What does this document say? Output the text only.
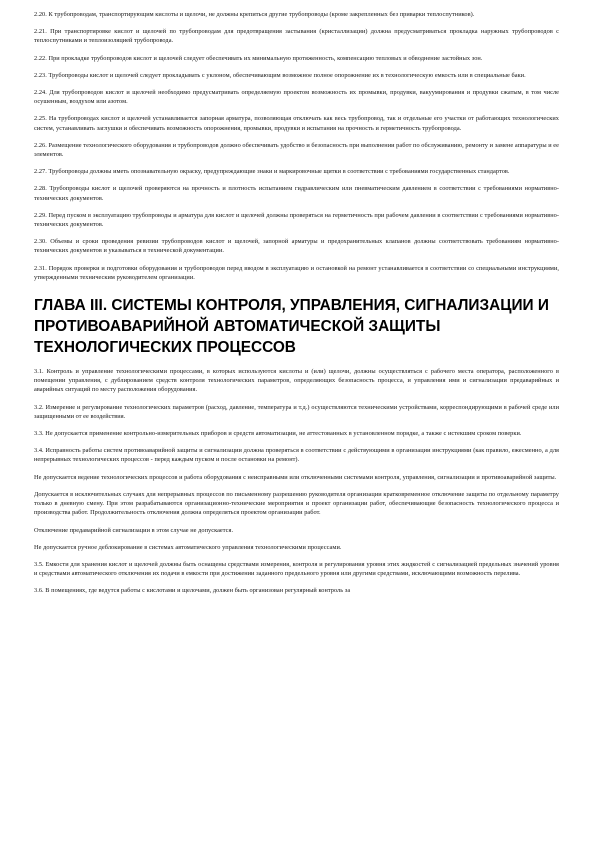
2.20. К трубопроводам, транспортирующим кислоты и щелочи, не должны крепиться другие трубопроводы (кроме закрепленных без приварки теплоспутников).

2.21. При транспортировке кислот и щелочей по трубопроводам для предотвращения застывания (кристаллизации) должна предусматриваться прокладка наружных трубопроводов с теплоспутниками и теплоизоляцией трубопровода.

2.22. При прокладке трубопроводов кислот и щелочей следует обеспечивать их минимальную протяженность, компенсацию тепловых и обводнение застойных зон.

2.23. Трубопроводы кислот и щелочей следует прокладывать с уклоном, обеспечивающим возможное полное опорожнение их в технологическую емкость или в специальные баки.

2.24. Для трубопроводов кислот и щелочей необходимо предусматривать определяемую проектом возможность их промывки, продувки, вакуумирования и продувки сжатым, в том числе осушенным, воздухом или азотом.

2.25. На трубопроводах кислот и щелочей устанавливается запорная арматура, позволяющая отключать как весь трубопровод, так и отдельные его участки от работающих технологических систем, устанавливать заглушки и обеспечивать возможность опорожнения, промывки, продувки и испытания на прочность и герметичность трубопровода.

2.26. Размещение технологического оборудования и трубопроводов должно обеспечивать удобство и безопасность при выполнении работ по обслуживанию, ремонту и замене аппаратуры и ее элементов.

2.27. Трубопроводы должны иметь опознавательную окраску, предупреждающие знаки и маркировочные щитки в соответствии с требованиями государственных стандартов.

2.28. Трубопроводы кислот и щелочей проверяются на прочность и плотность испытанием гидравлическим или пневматическим давлением в соответствии с требованиями нормативно-технических документов.

2.29. Перед пуском в эксплуатацию трубопроводы и арматура для кислот и щелочей должны проверяться на герметичность при рабочем давлении в соответствии с требованиями нормативно-технических документов.

2.30. Объемы и сроки проведения ревизии трубопроводов кислот и щелочей, запорной арматуры и предохранительных клапанов должны соответствовать требованиям нормативно-технических документов и указываться в технической документации.

2.31. Порядок проверки и подготовки оборудования и трубопроводов перед вводом в эксплуатацию и остановкой на ремонт устанавливается в соответствии со специальными инструкциями, утвержденными техническим руководителем организации.

ГЛАВА III. СИСТЕМЫ КОНТРОЛЯ, УПРАВЛЕНИЯ, СИГНАЛИЗАЦИИ И ПРОТИВОАВАРИЙНОЙ АВТОМАТИЧЕСКОЙ ЗАЩИТЫ ТЕХНОЛОГИЧЕСКИХ ПРОЦЕССОВ

3.1. Контроль и управление технологическими процессами, в которых используются кислоты и (или) щелочи, должны осуществляться с рабочего места оператора, расположенного в помещении управления, с дублированием средств контроля технологических параметров, определяющих безопасность процесса, и управления ими и сигнализации предаварийных и аварийных ситуаций по месту расположения оборудования.

3.2. Измерение и регулирование технологических параметров (расход, давление, температура и т.д.) осуществляются техническими устройствами, корреспондирующими в рабочей среде или защищенными от ее воздействия.

3.3. Не допускается применение контрольно-измерительных приборов и средств автоматизации, не аттестованных в установленном порядке, а также с истекшим сроком поверки.

3.4. Исправность работы систем противоаварийной защиты и сигнализации должна проверяться в соответствии с действующими в организации инструкциями (как правило, ежесменно, а для непрерывных технологических процессов - перед каждым пуском и после остановки на ремонт).

Не допускается ведение технологических процессов и работа оборудования с неисправными или отключенными системами контроля, управления, сигнализации и противоаварийной защиты.

Допускается в исключительных случаях для непрерывных процессов по письменному разрешению руководителя организации кратковременное отключение защиты по отдельному параметру только в дневную смену. При этом разрабатываются организационно-технические мероприятия и проект организации работ, обеспечивающие безопасность технологического процесса и производства работ. Продолжительность отключения должна определяться проектом организации работ.

Отключение предаварийной сигнализации в этом случае не допускается.

Не допускается ручное деблокирование в системах автоматического управления технологическими процессами.

3.5. Емкости для хранения кислот и щелочей должны быть оснащены средствами измерения, контроля и регулирования уровня этих жидкостей с сигнализацией предельных значений уровня и средствами автоматического отключения их подачи в емкости при достижении заданного предельного уровня или другими средствами, исключающими возможность перелива.

3.6. В помещениях, где ведутся работы с кислотами и щелочами, должен быть организован регулярный контроль за
